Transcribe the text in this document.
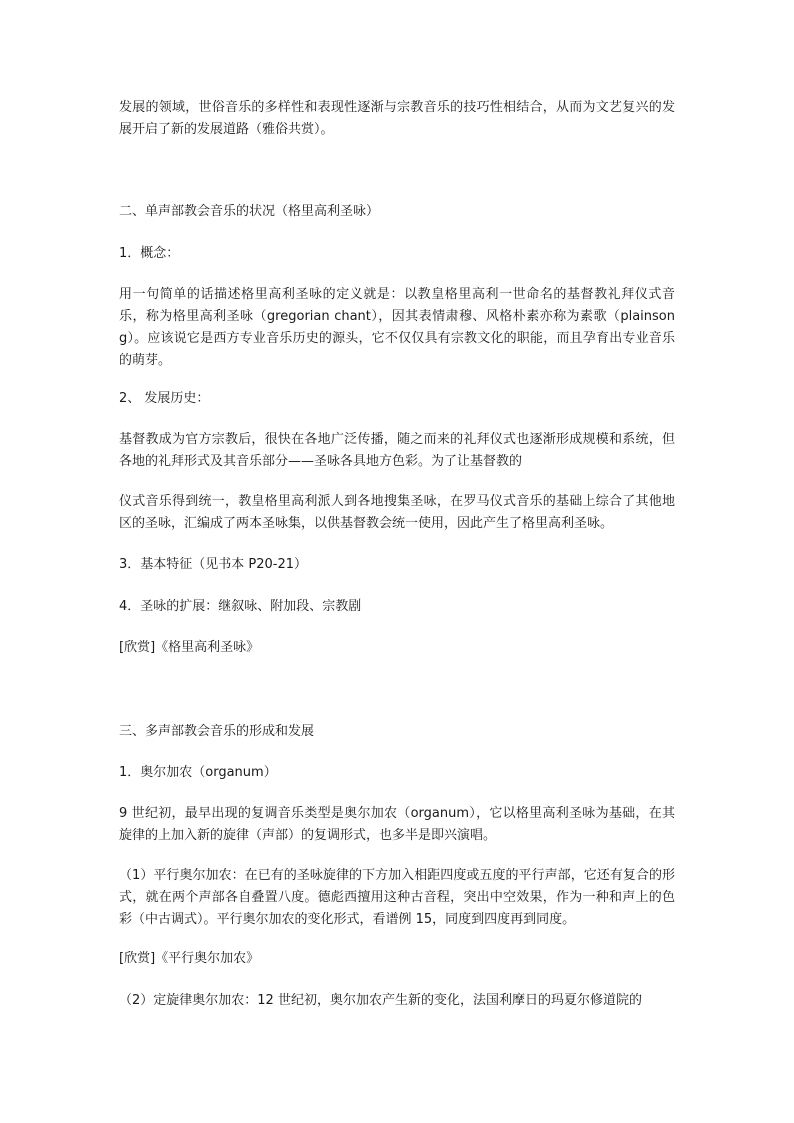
发展的领域，世俗音乐的多样性和表现性逐渐与宗教音乐的技巧性相结合，从而为文艺复兴的发展开启了新的发展道路（雅俗共赏）。

二、单声部教会音乐的状况（格里高利圣咏）

1．概念：

用一句简单的话描述格里高利圣咏的定义就是：以教皇格里高利一世命名的基督教礼拜仪式音乐，称为格里高利圣咏（gregorian chant），因其表情肃穆、风格朴素亦称为素歌（plainsong）。应该说它是西方专业音乐历史的源头，它不仅仅具有宗教文化的职能，而且孕育出专业音乐的萌芽。

2、 发展历史：

基督教成为官方宗教后，很快在各地广泛传播，随之而来的礼拜仪式也逐渐形成规模和系统，但各地的礼拜形式及其音乐部分——圣咏各具地方色彩。为了让基督教的

仪式音乐得到统一，教皇格里高利派人到各地搜集圣咏，在罗马仪式音乐的基础上综合了其他地区的圣咏，汇编成了两本圣咏集，以供基督教会统一使用，因此产生了格里高利圣咏。

3．基本特征（见书本 P20-21）

4．圣咏的扩展：继叙咏、附加段、宗教剧

[欣赏]《格里高利圣咏》

三、多声部教会音乐的形成和发展

1．奥尔加农（organum）

9 世纪初，最早出现的复调音乐类型是奥尔加农（organum），它以格里高利圣咏为基础，在其旋律的上加入新的旋律（声部）的复调形式，也多半是即兴演唱。

（1）平行奥尔加农：在已有的圣咏旋律的下方加入相距四度或五度的平行声部，它还有复合的形式，就在两个声部各自叠置八度。德彪西擅用这种古音程，突出中空效果，作为一种和声上的色彩（中古调式）。平行奥尔加农的变化形式，看谱例 15，同度到四度再到同度。

[欣赏]《平行奥尔加农》

（2）定旋律奥尔加农：12 世纪初，奥尔加农产生新的变化，法国利摩日的玛夏尔修道院的
